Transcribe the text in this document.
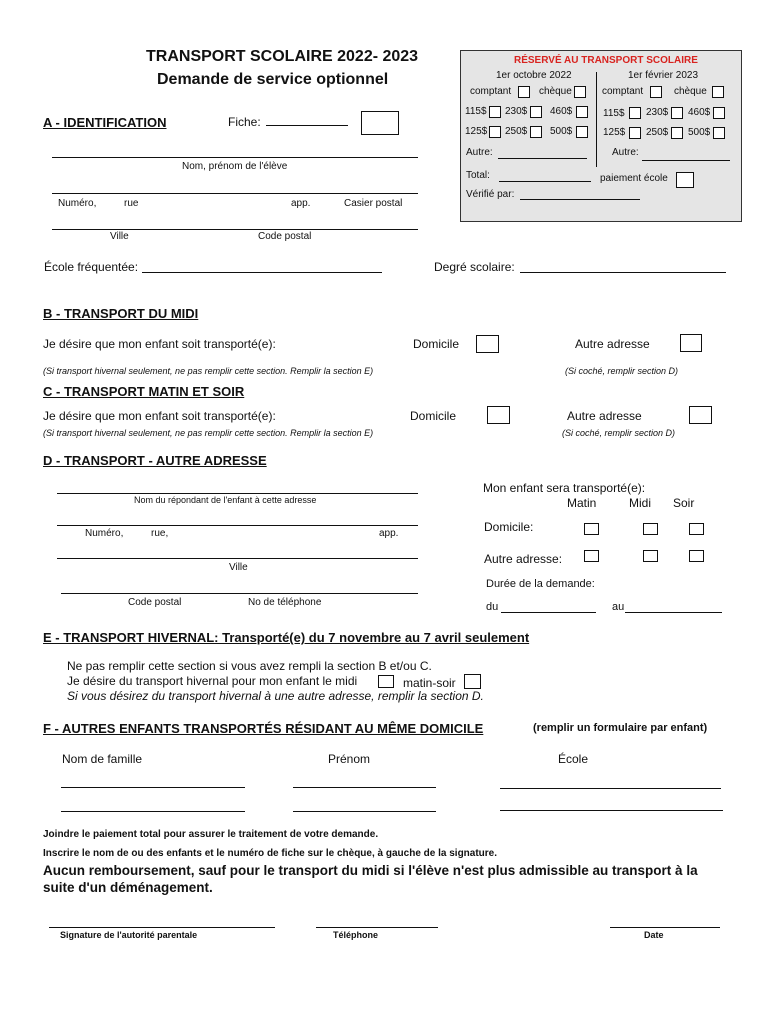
TRANSPORT SCOLAIRE 2022- 2023
Demande de service optionnel
RÉSERVÉ AU TRANSPORT SCOLAIRE
1er octobre 2022	1er février 2023
comptant	chèque	comptant	chèque
115$ 230$ 460$	115$ 230$ 460$
125$ 250$ 500$	125$ 250$ 500$
Autre:	Autre:
Total:	paiement école
Vérifié par:
A - IDENTIFICATION	Fiche:
Nom, prénom de l'élève
Numéro,	rue	app.	Casier postal
Ville	Code postal
École fréquentée:	Degré scolaire:
B - TRANSPORT DU MIDI
Je désire que mon enfant soit transporté(e):	Domicile	Autre adresse
(Si transport hivernal seulement, ne pas remplir cette section. Remplir la section E)	(Si coché, remplir section D)
C - TRANSPORT MATIN ET SOIR
Je désire que mon enfant soit transporté(e):	Domicile	Autre adresse
(Si transport hivernal seulement, ne pas remplir cette section. Remplir la section E)	(Si coché, remplir section D)
D - TRANSPORT - AUTRE ADRESSE
Nom du répondant de l'enfant à cette adresse
Numéro,	rue,	app.
Ville
Code postal	No de téléphone
Mon enfant sera transporté(e):
Matin	Midi Soir
Domicile:
Autre adresse:
Durée de la demande:
du	au
E - TRANSPORT HIVERNAL: Transporté(e) du 7 novembre au 7 avril seulement
Ne pas remplir cette section si vous avez rempli la section B et/ou C.
Je désire du transport hivernal pour mon enfant le midi	matin-soir
Si vous désirez du transport hivernal à une autre adresse, remplir la section D.
F - AUTRES ENFANTS TRANSPORTÉS RÉSIDANT AU MÊME DOMICILE	(remplir un formulaire par enfant)
Nom de famille	Prénom	École
Joindre le paiement total pour assurer le traitement de votre demande.
Inscrire le nom de ou des enfants et le numéro de fiche sur le chèque, à gauche de la signature.
Aucun remboursement, sauf pour le transport du midi si l'élève n'est plus admissible au transport à la
suite d'un déménagement.
Signature de l'autorité parentale	Téléphone	Date
